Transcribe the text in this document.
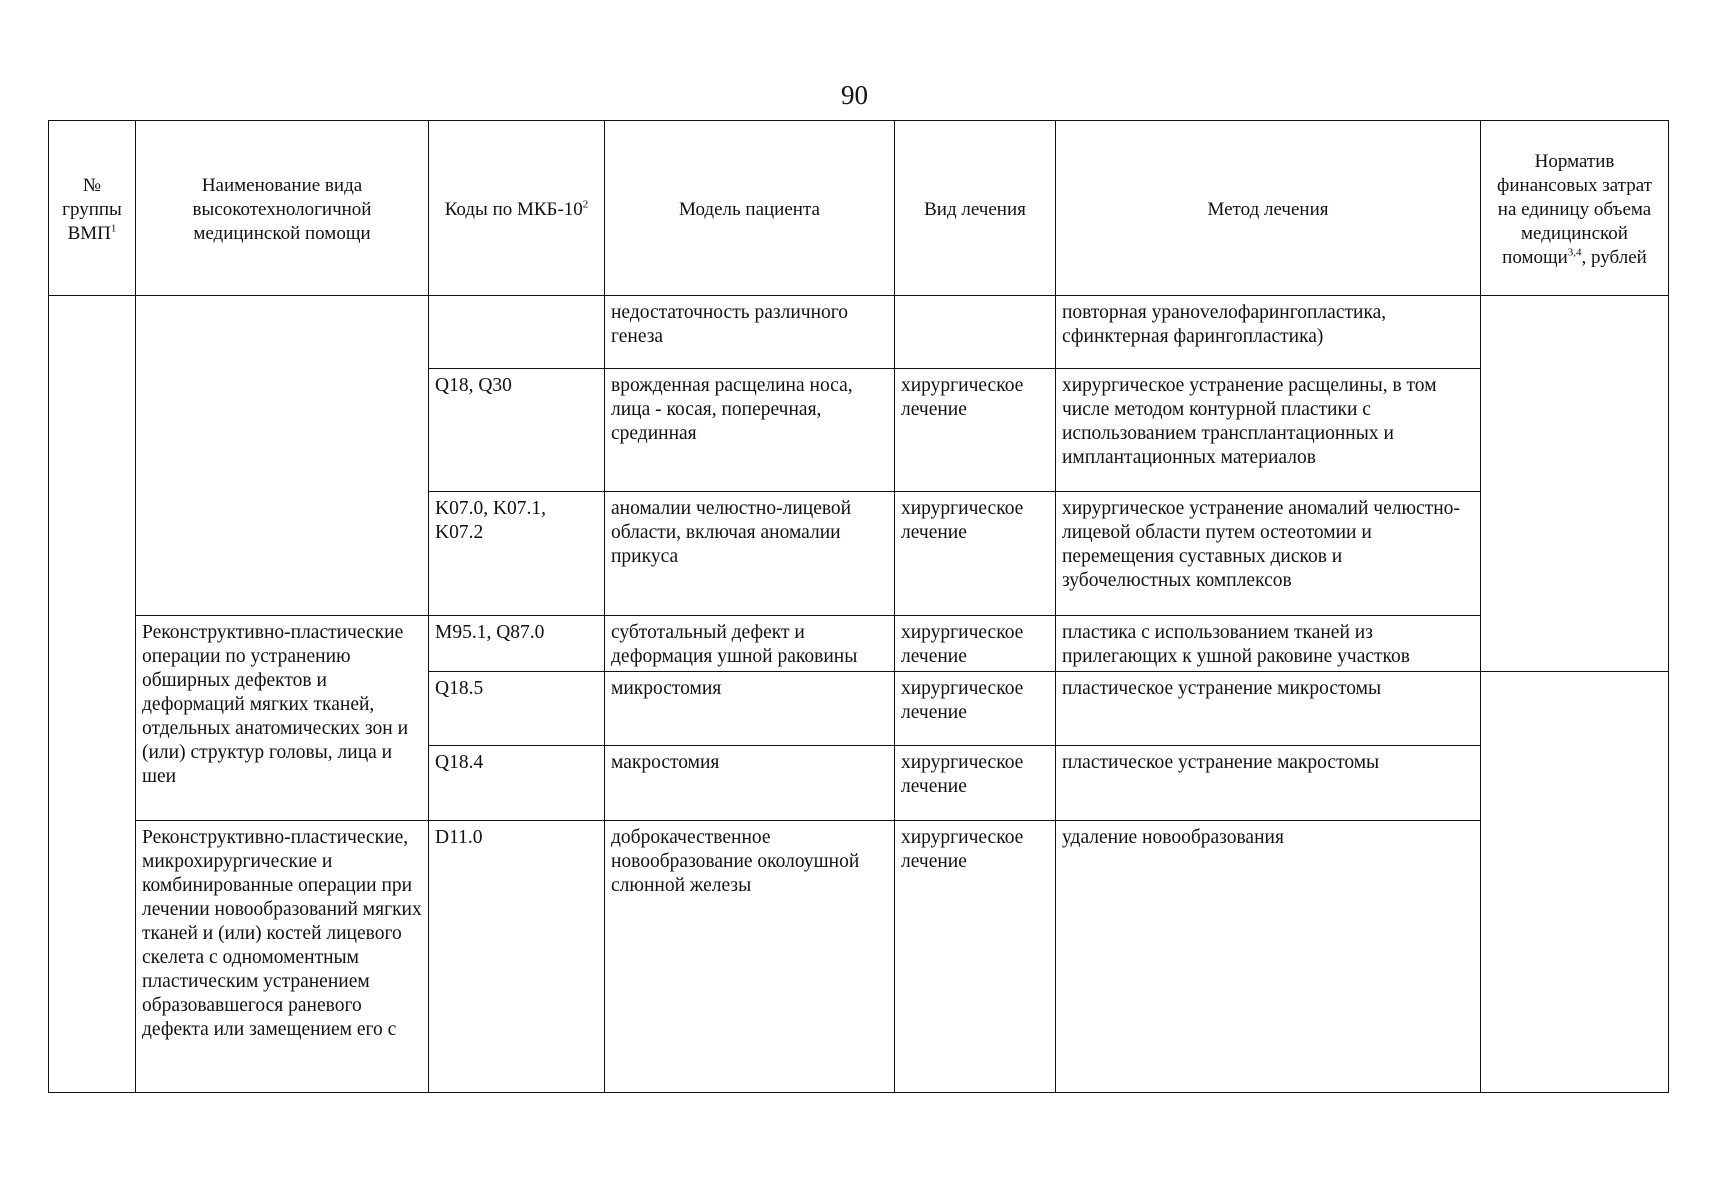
90
№ группы ВМП$^1$	Наименование вида высокотехнологичной медицинской помощи	Коды по МКБ-$10^2$	Модель пациента	Вид лечения	Метод лечения	Норматив финансовых затрат на единицу объема медицинской помощи$^{3,4}$, рублей
			недостаточность различного генеза		повторная ураноvелофарингопластика, сфинктерная фарингопластика)	
		Q18, Q30	врожденная расщелина носа, лица - косая, поперечная, срединная	хирургическое лечение	хирургическое устранение расщелины, в том числе методом контурной пластики с использованием трансплантационных и имплантационных материалов	
		K07.0, K07.1, K07.2	аномалии челюстно-лицевой области, включая аномалии прикуса	хирургическое лечение	хирургическое устранение аномалий челюстно-лицевой области путем остеотомии и перемещения суставных дисков и зубочелюстных комплексов	
	Реконструктивно-пластические операции по устранению обширных дефектов и деформаций мягких тканей, отдельных анатомических зон и (или) структур головы, лица и шеи	M95.1, Q87.0	субтотальный дефект и деформация ушной раковины	хирургическое лечение	пластика с использованием тканей из прилегающих к ушной раковине участков	
		Q18.5	микростомия	хирургическое лечение	пластическое устранение микростомы	
		Q18.4	макростомия	хирургическое лечение	пластическое устранение макростомы	
	Реконструктивно-пластические, микрохирургические и комбинированные операции при лечении новообразований мягких тканей и (или) костей лицевого скелета с одномоментным пластическим устранением образовавшегося раневого дефекта или замещением его с	D11.0	доброкачественное новообразование околоушной слюнной железы	хирургическое лечение	удаление новообразования	
